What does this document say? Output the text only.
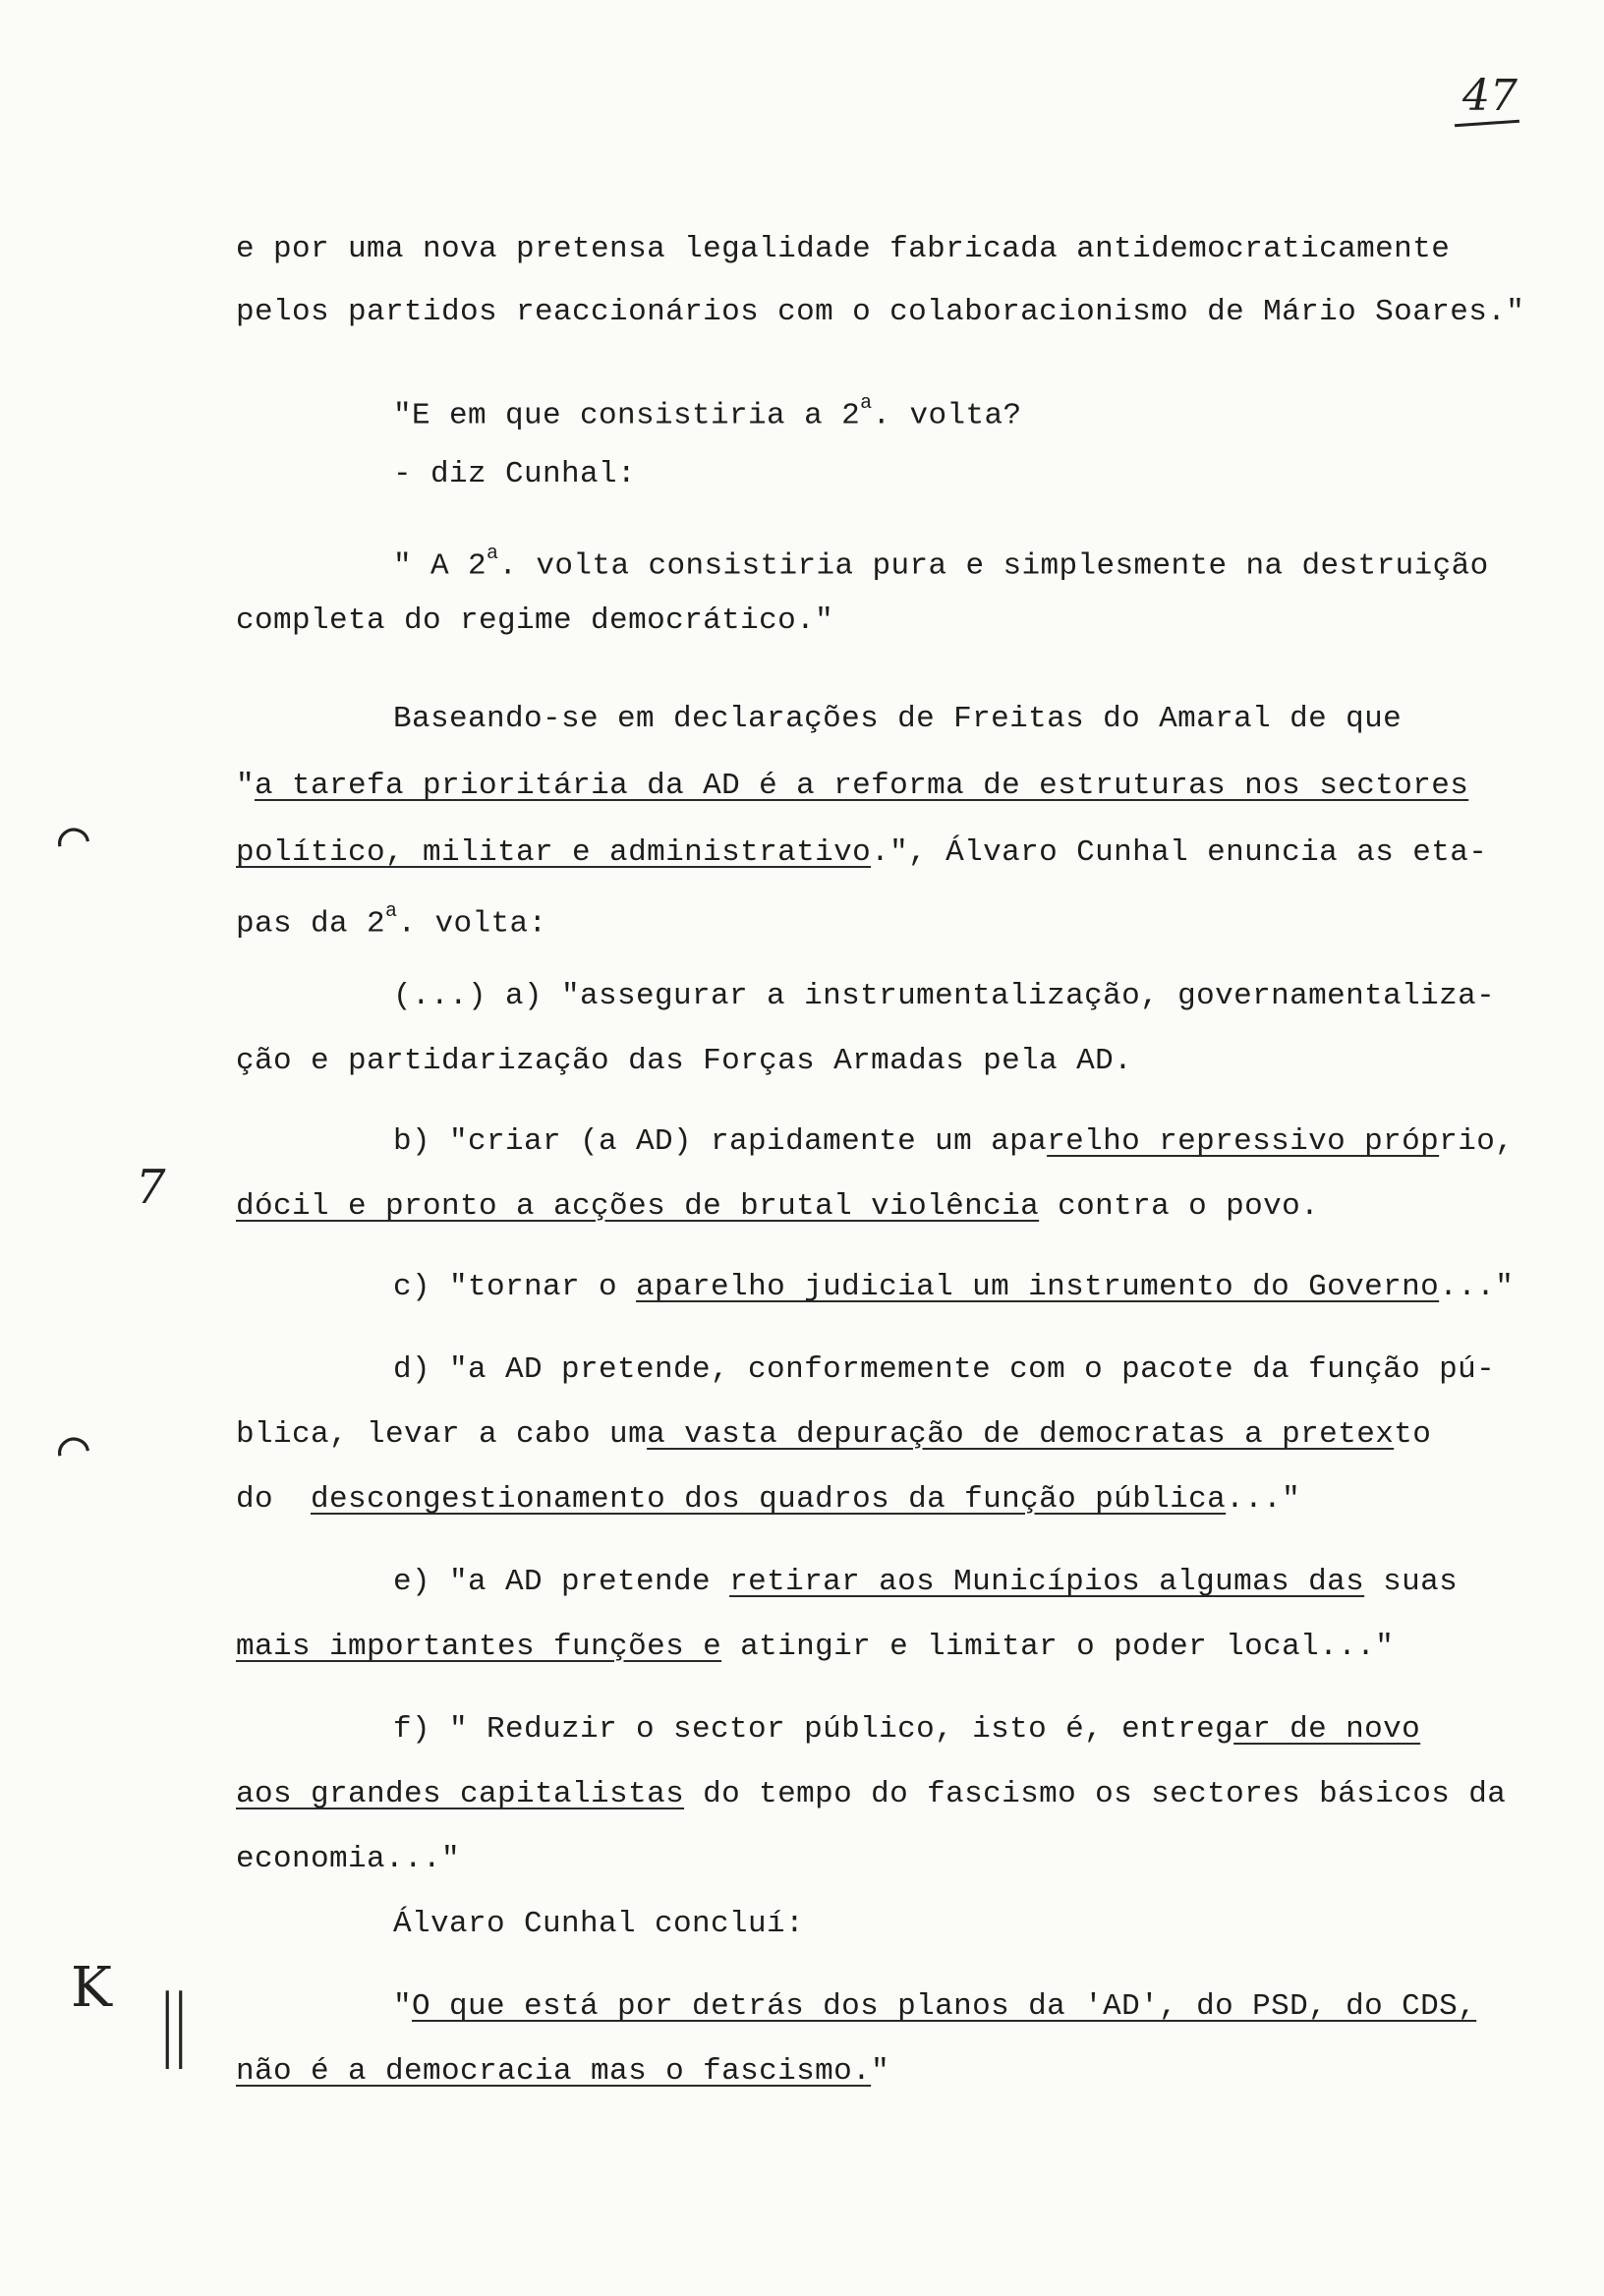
47
e por uma nova pretensa legalidade fabricada antidemocraticamente
pelos partidos reaccionários com o colaboracionismo de Mário Soares."
"E em que consistiria a 2$^a$. volta?
- diz Cunhal:
" A 2$^a$. volta consistiria pura e simplesmente na destruição
completa do regime democrático."
Baseando-se em declarações de Freitas do Amaral de que
"a tarefa prioritária da AD é a reforma de estruturas nos sectores
político, militar e administrativo.", Álvaro Cunhal enuncia as eta-
pas da 2$^a$. volta:
(...) a) "assegurar a instrumentalização, governamentaliza-
ção e partidarização das Forças Armadas pela AD.
b) "criar (a AD) rapidamente um aparelho repressivo próprio,
dócil e pronto a acções de brutal violência contra o povo.
c) "tornar o aparelho judicial um instrumento do Governo..."
d) "a AD pretende, conformemente com o pacote da função pú-
blica, levar a cabo uma vasta depuração de democratas a pretexto
do  descongestionamento dos quadros da função pública..."
e) "a AD pretende retirar aos Municípios algumas das suas
mais importantes funções e atingir e limitar o poder local..."
f) " Reduzir o sector público, isto é, entregar de novo
aos grandes capitalistas do tempo do fascismo os sectores básicos da
economia..."
Álvaro Cunhal concluí:
"O que está por detrás dos planos da 'AD', do PSD, do CDS,
não é a democracia mas o fascismo."
⌒
7
⌒
K ||
